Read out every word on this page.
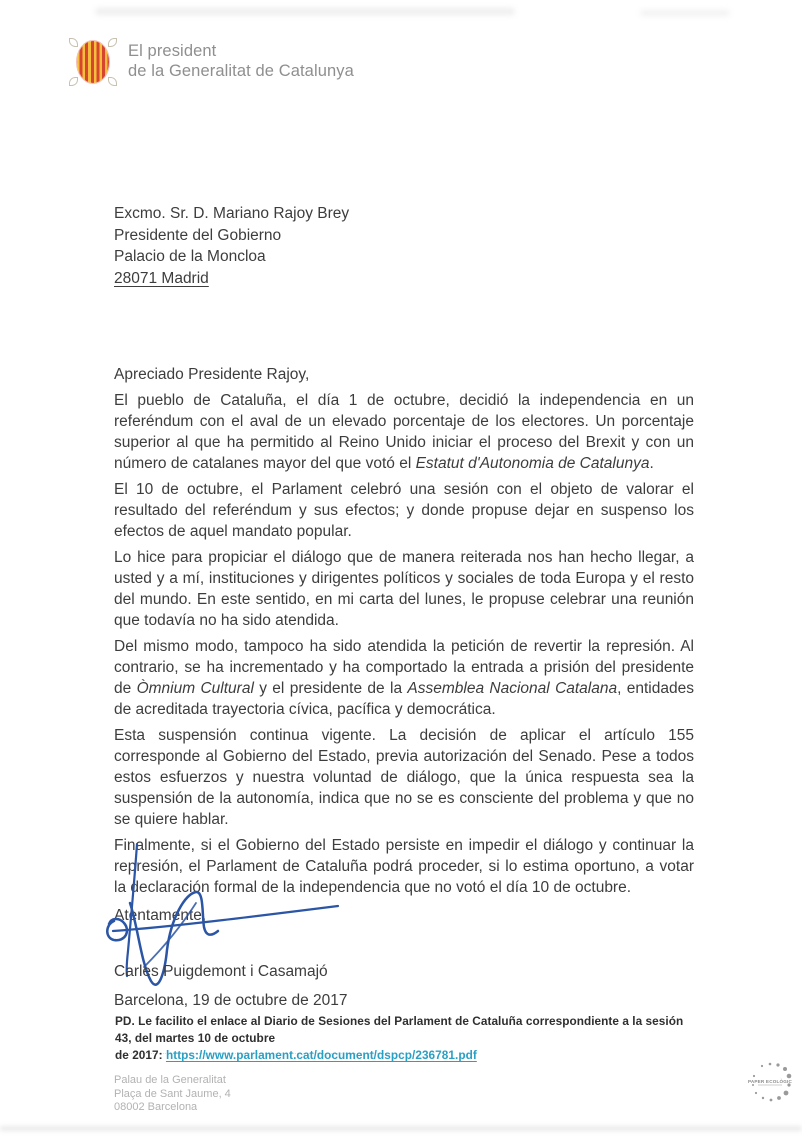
El president
de la Generalitat de Catalunya
Excmo. Sr. D. Mariano Rajoy Brey
Presidente del Gobierno
Palacio de la Moncloa
28071 Madrid

Apreciado Presidente Rajoy,

El pueblo de Cataluña, el día 1 de octubre, decidió la independencia en un referéndum con el aval de un elevado porcentaje de los electores. Un porcentaje superior al que ha permitido al Reino Unido iniciar el proceso del Brexit y con un número de catalanes mayor del que votó el Estatut d'Autonomia de Catalunya.

El 10 de octubre, el Parlament celebró una sesión con el objeto de valorar el resultado del referéndum y sus efectos; y donde propuse dejar en suspenso los efectos de aquel mandato popular.

Lo hice para propiciar el diálogo que de manera reiterada nos han hecho llegar, a usted y a mí, instituciones y dirigentes políticos y sociales de toda Europa y el resto del mundo. En este sentido, en mi carta del lunes, le propuse celebrar una reunión que todavía no ha sido atendida.

Del mismo modo, tampoco ha sido atendida la petición de revertir la represión. Al contrario, se ha incrementado y ha comportado la entrada a prisión del presidente de Òmnium Cultural y el presidente de la Assemblea Nacional Catalana, entidades de acreditada trayectoria cívica, pacífica y democrática.

Esta suspensión continua vigente. La decisión de aplicar el artículo 155 corresponde al Gobierno del Estado, previa autorización del Senado. Pese a todos estos esfuerzos y nuestra voluntad de diálogo, que la única respuesta sea la suspensión de la autonomía, indica que no se es consciente del problema y que no se quiere hablar.

Finalmente, si el Gobierno del Estado persiste en impedir el diálogo y continuar la represión, el Parlament de Cataluña podrá proceder, si lo estima oportuno, a votar la declaración formal de la independencia que no votó el día 10 de octubre.

Atentamente,

Carles Puigdemont i Casamajó
Barcelona, 19 de octubre de 2017
PD. Le facilito el enlace al Diario de Sesiones del Parlament de Cataluña correspondiente a la sesión 43, del martes 10 de octubre
de 2017: https://www.parlament.cat/document/dspcp/236781.pdf
Palau de la Generalitat
Plaça de Sant Jaume, 4
08002 Barcelona
PAPER ECOLÒGIC
